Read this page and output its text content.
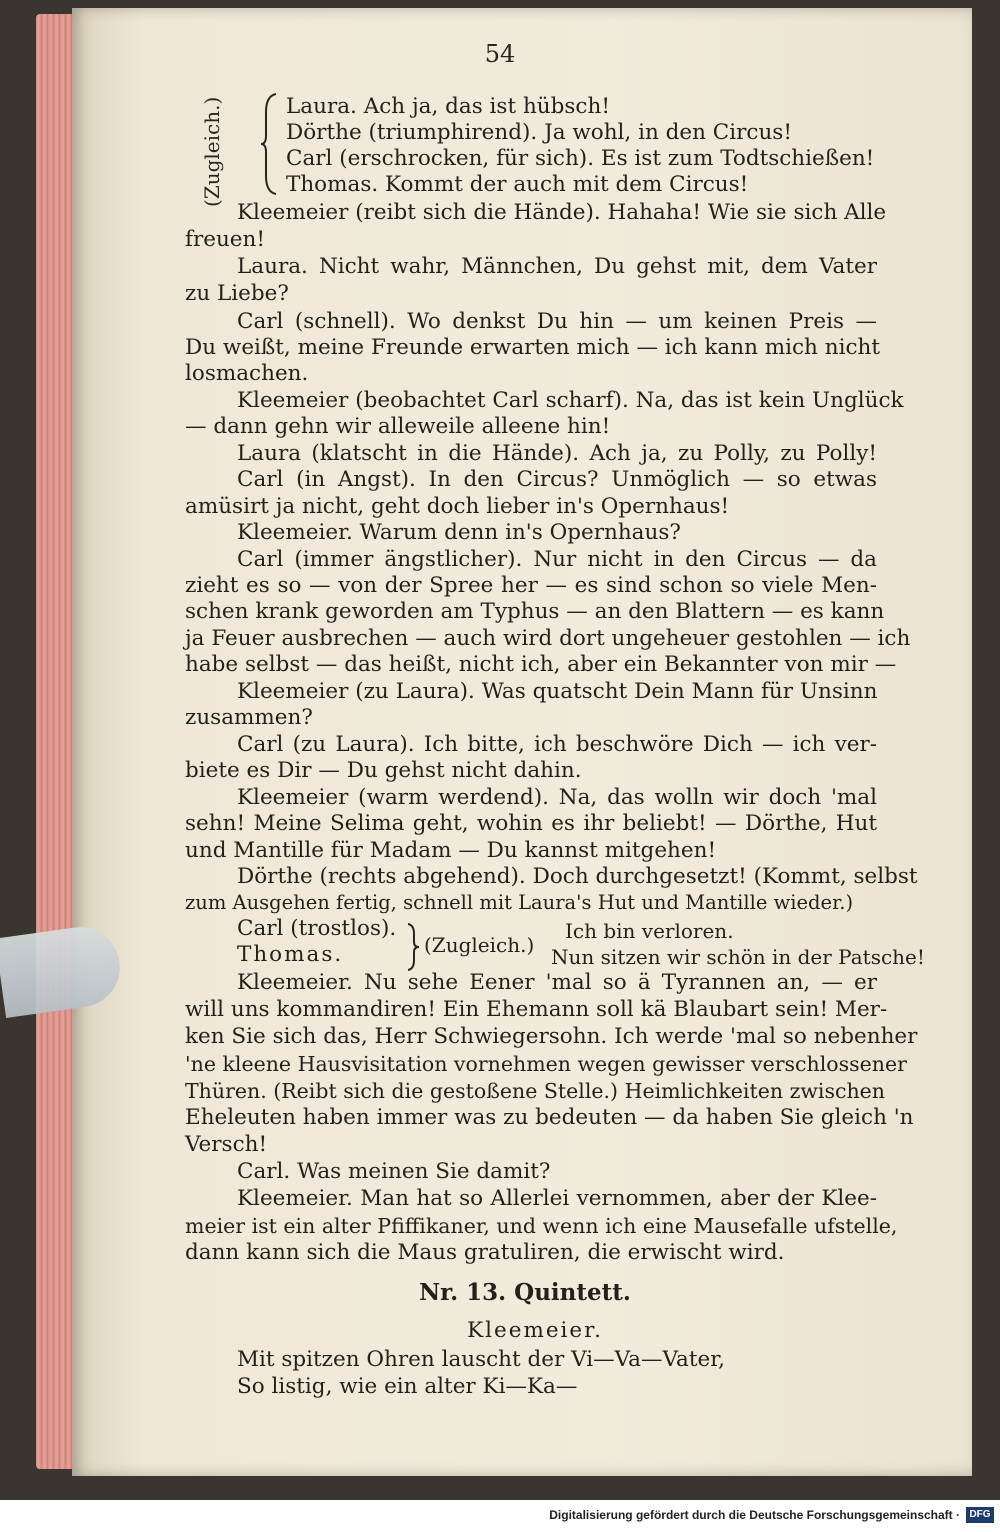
54
(Zugleich.)	Laura. Ach ja, das ist hübsch!
Dörthe (triumphirend). Ja wohl, in den Circus!
Carl (erschrocken, für sich). Es ist zum Todtschießen!
Thomas. Kommt der auch mit dem Circus!
Kleemeier (reibt sich die Hände). Hahaha! Wie sie sich Alle
freuen!
Laura. Nicht wahr, Männchen, Du gehst mit, dem Vater
zu Liebe?
Carl (schnell). Wo denkst Du hin — um keinen Preis —
Du weißt, meine Freunde erwarten mich — ich kann mich nicht
losmachen.
Kleemeier (beobachtet Carl scharf). Na, das ist kein Unglück
— dann gehn wir alleweile alleene hin!
Laura (klatscht in die Hände). Ach ja, zu Polly, zu Polly!
Carl (in Angst). In den Circus? Unmöglich — so etwas
amüsirt ja nicht, geht doch lieber in's Opernhaus!
Kleemeier. Warum denn in's Opernhaus?
Carl (immer ängstlicher). Nur nicht in den Circus — da
zieht es so — von der Spree her — es sind schon so viele Men-
schen krank geworden am Typhus — an den Blattern — es kann
ja Feuer ausbrechen — auch wird dort ungeheuer gestohlen — ich
habe selbst — das heißt, nicht ich, aber ein Bekannter von mir —
Kleemeier (zu Laura). Was quatscht Dein Mann für Unsinn
zusammen?
Carl (zu Laura). Ich bitte, ich beschwöre Dich — ich ver-
biete es Dir — Du gehst nicht dahin.
Kleemeier (warm werdend). Na, das wolln wir doch 'mal
sehn! Meine Selima geht, wohin es ihr beliebt! — Dörthe, Hut
und Mantille für Madam — Du kannst mitgehen!
Dörthe (rechts abgehend). Doch durchgesetzt! (Kommt, selbst
zum Ausgehen fertig, schnell mit Laura's Hut und Mantille wieder.)
Carl (trostlos).	Ich bin verloren.
Thomas.	(Zugleich.) Nun sitzen wir schön in der Patsche!
Kleemeier. Nu sehe Eener 'mal so ä Tyrannen an, — er
will uns kommandiren! Ein Ehemann soll kä Blaubart sein! Mer-
ken Sie sich das, Herr Schwiegersohn. Ich werde 'mal so nebenher
'ne kleene Hausvisitation vornehmen wegen gewisser verschlossener
Thüren. (Reibt sich die gestoßene Stelle.) Heimlichkeiten zwischen
Eheleuten haben immer was zu bedeuten — da haben Sie gleich 'n
Versch!
Carl. Was meinen Sie damit?
Kleemeier. Man hat so Allerlei vernommen, aber der Klee-
meier ist ein alter Pfiffikaner, und wenn ich eine Mausefalle ufstelle,
dann kann sich die Maus gratuliren, die erwischt wird.
Nr. 13. Quintett.
Kleemeier.
Mit spitzen Ohren lauscht der Vi—Va—Vater,
So listig, wie ein alter Ki—Ka—
Digitalisierung gefördert durch die Deutsche Forschungsgemeinschaft · DFG
